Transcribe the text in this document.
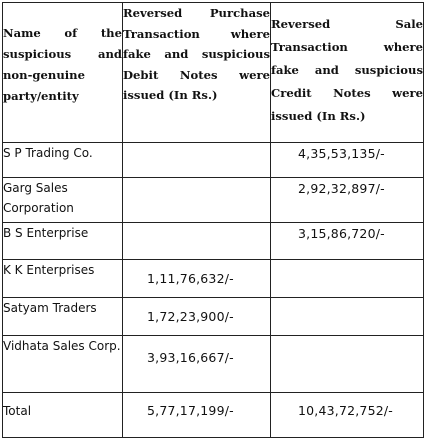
Name of the suspicious and non-genuine party/entity	Reversed Purchase Transaction where fake and suspicious Debit Notes were issued (In Rs.)	Reversed Sale Transaction where fake and suspicious Credit Notes were issued (In Rs.)

S P Trading Co.		4,35,53,135/-

Garg Sales Corporation		2,92,32,897/-

B S Enterprise		3,15,86,720/-

K K Enterprises	1,11,76,632/-	

Satyam Traders	1,72,23,900/-	

Vidhata Sales Corp.	3,93,16,667/-	

Total	5,77,17,199/-	10,43,72,752/-
